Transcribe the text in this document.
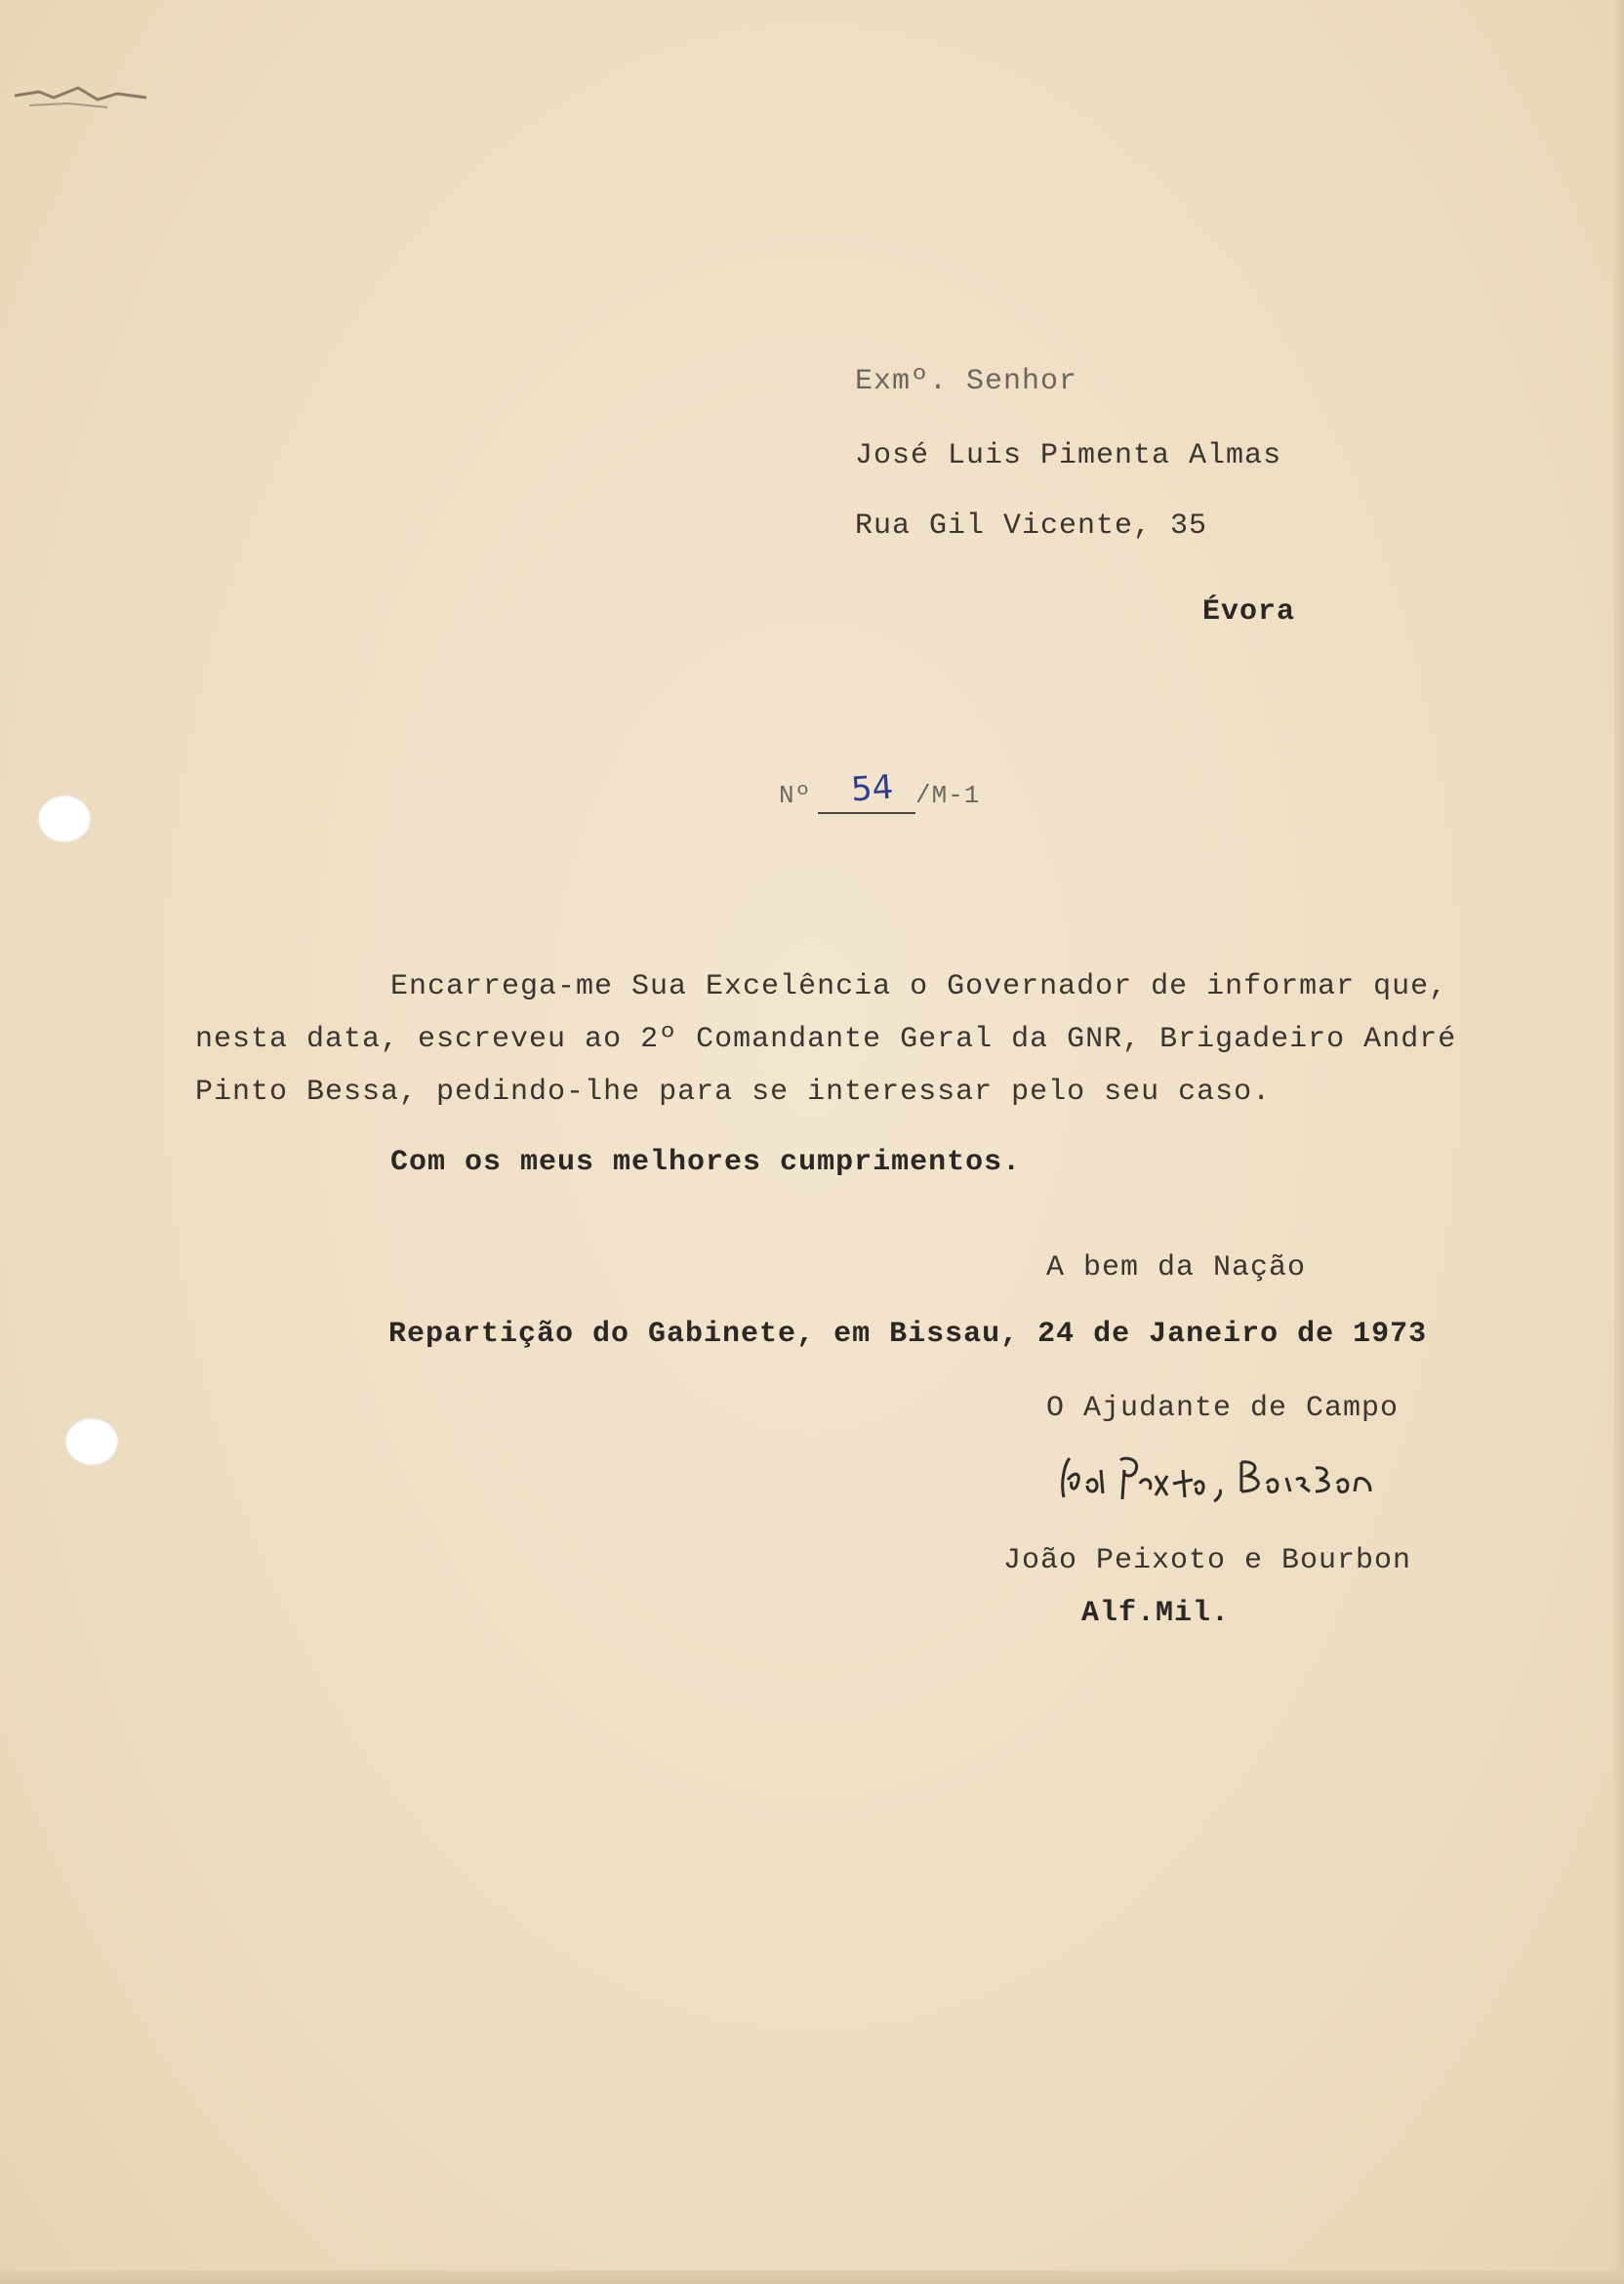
Exmº. Senhor
José Luis Pimenta Almas
Rua Gil Vicente, 35
Évora
Nº 54 /M-1
Encarrega-me Sua Excelência o Governador de informar que,
nesta data, escreveu ao 2º Comandante Geral da GNR, Brigadeiro André
Pinto Bessa, pedindo-lhe para se interessar pelo seu caso.
Com os meus melhores cumprimentos.
A bem da Nação
Repartição do Gabinete, em Bissau, 24 de Janeiro de 1973
O Ajudante de Campo
João Peixoto e Bourbon
Alf.Mil.
